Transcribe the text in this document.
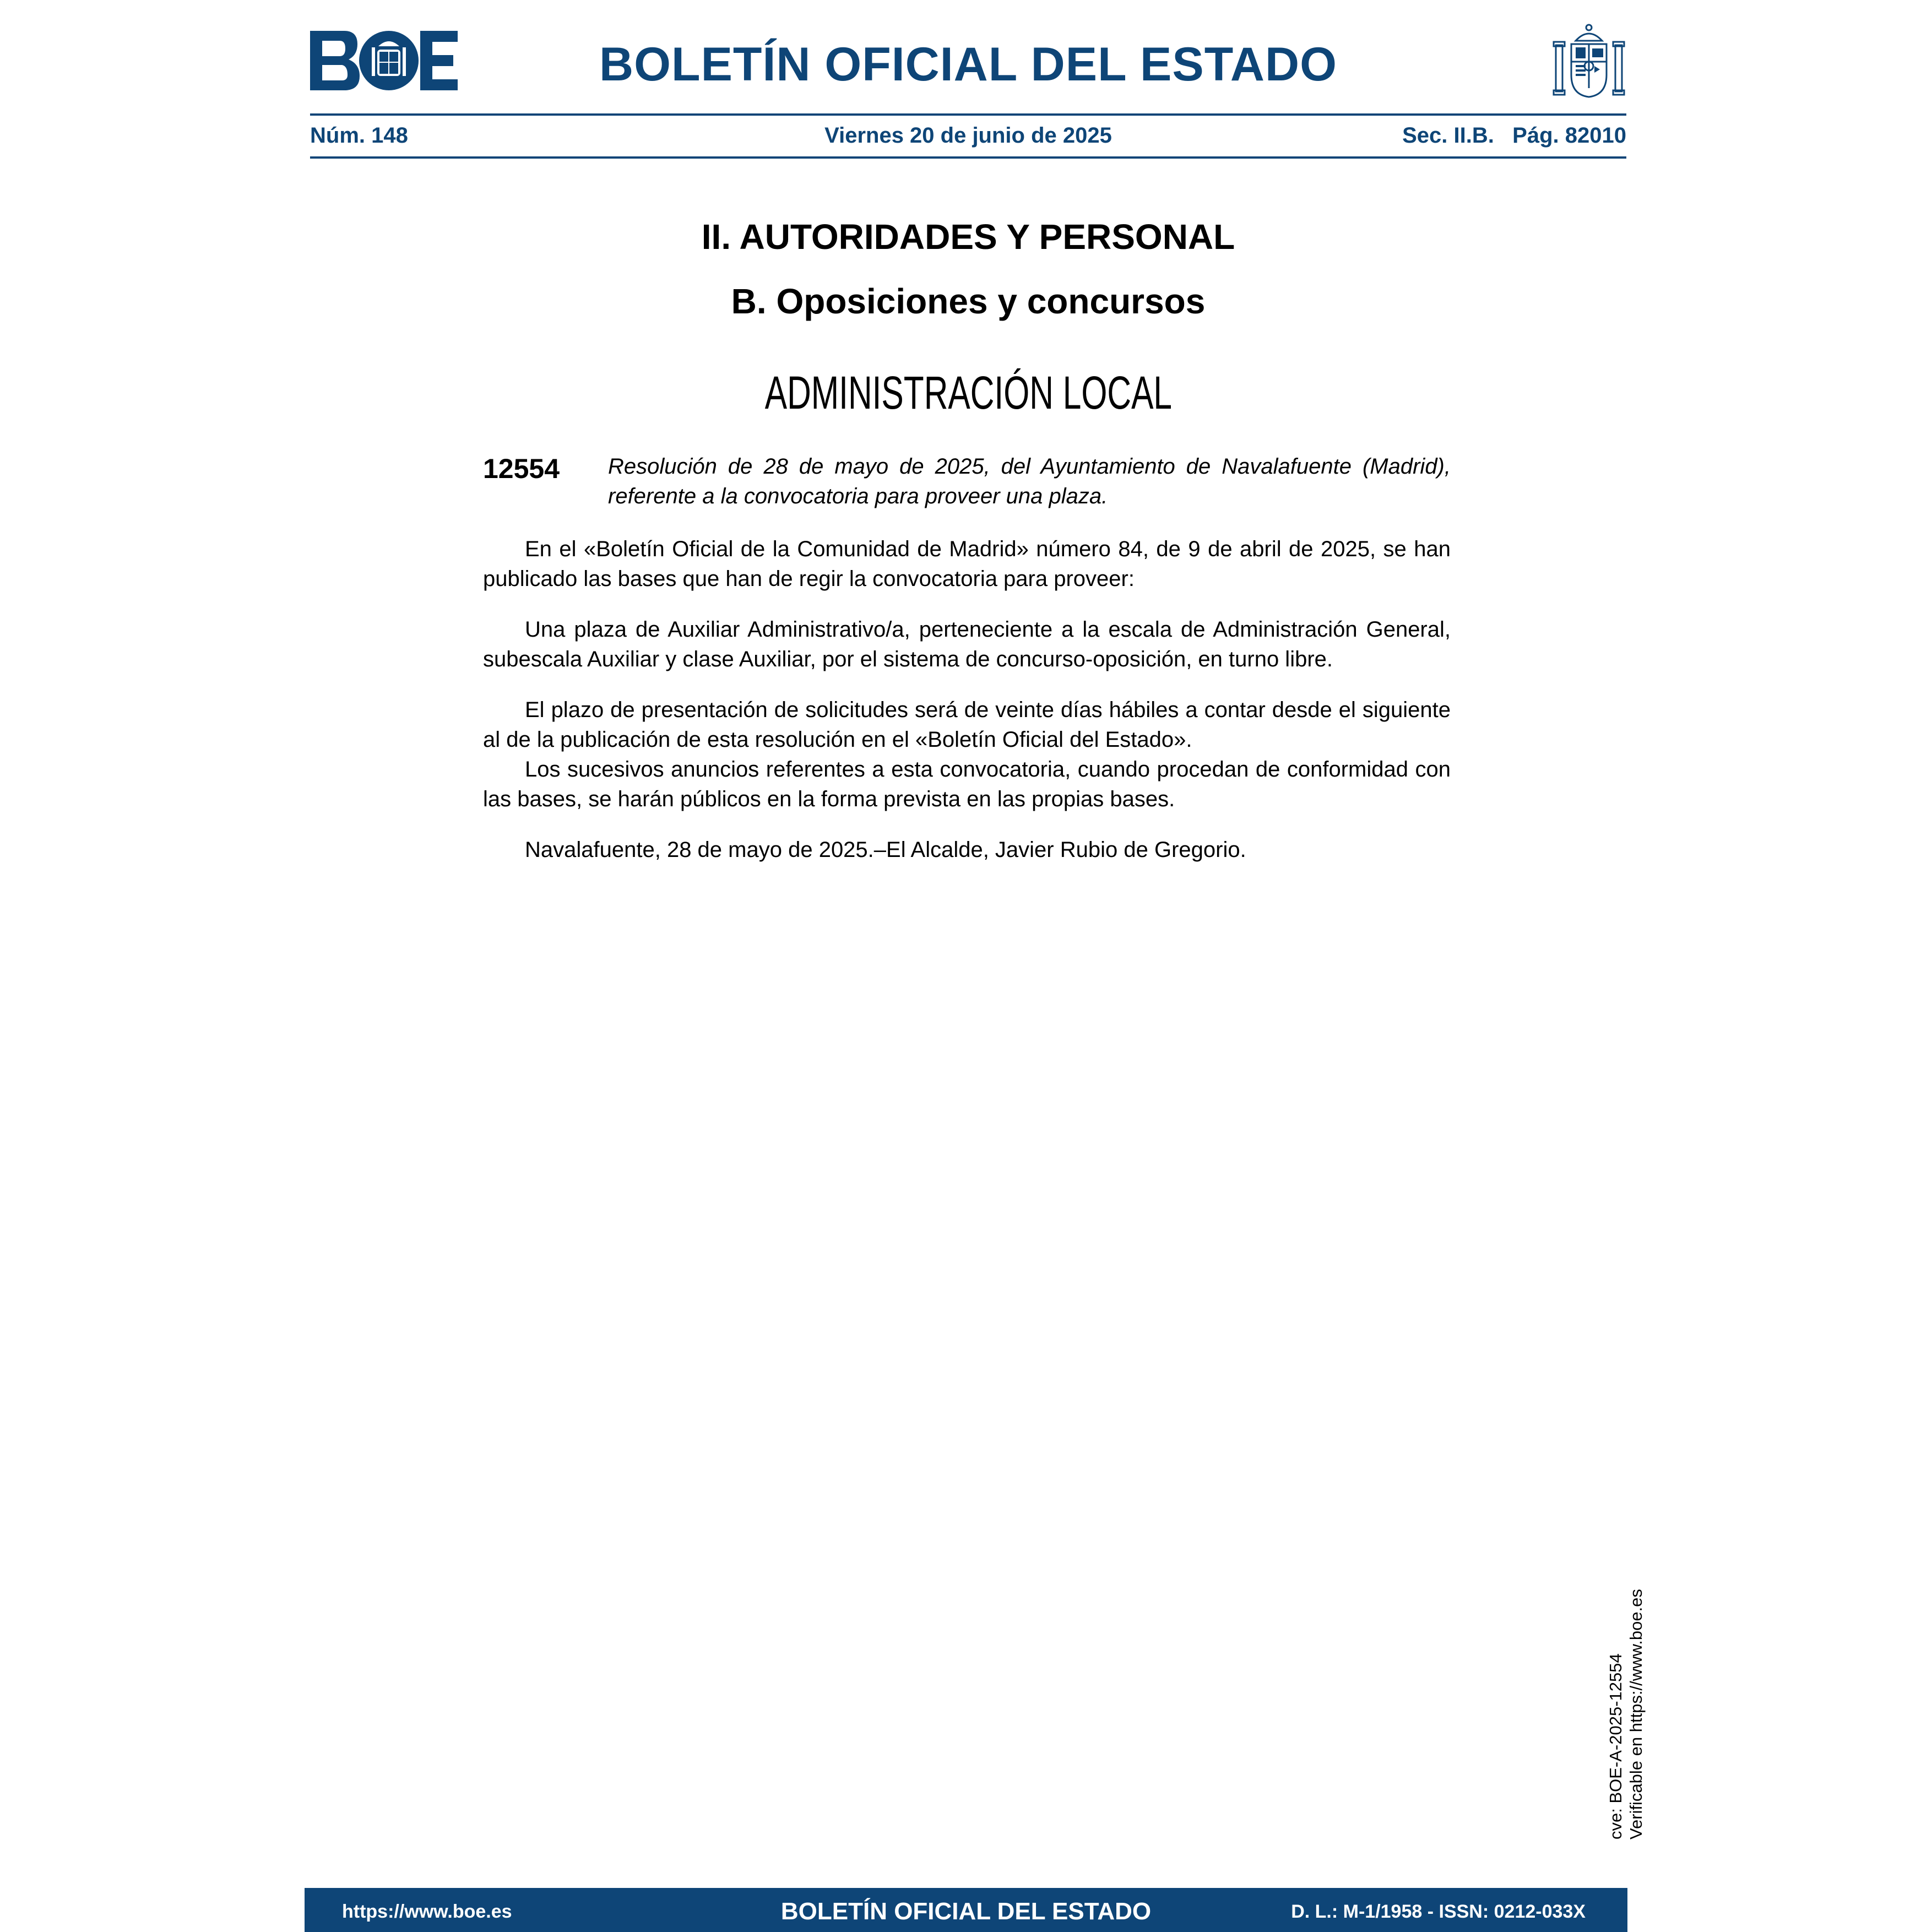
BOLETÍN OFICIAL DEL ESTADO
Núm. 148	Viernes 20 de junio de 2025	Sec. II.B.   Pág. 82010
II. AUTORIDADES Y PERSONAL
B. Oposiciones y concursos
ADMINISTRACIÓN LOCAL
12554 Resolución de 28 de mayo de 2025, del Ayuntamiento de Navalafuente (Madrid), referente a la convocatoria para proveer una plaza.

En el «Boletín Oficial de la Comunidad de Madrid» número 84, de 9 de abril de 2025, se han publicado las bases que han de regir la convocatoria para proveer:

Una plaza de Auxiliar Administrativo/a, perteneciente a la escala de Administración General, subescala Auxiliar y clase Auxiliar, por el sistema de concurso-oposición, en turno libre.

El plazo de presentación de solicitudes será de veinte días hábiles a contar desde el siguiente al de la publicación de esta resolución en el «Boletín Oficial del Estado».

Los sucesivos anuncios referentes a esta convocatoria, cuando procedan de conformidad con las bases, se harán públicos en la forma prevista en las propias bases.

Navalafuente, 28 de mayo de 2025.–El Alcalde, Javier Rubio de Gregorio.

cve: BOE-A-2025-12554 Verificable en https://www.boe.es
https://www.boe.es	BOLETÍN OFICIAL DEL ESTADO	D. L.: M-1/1958 - ISSN: 0212-033X
